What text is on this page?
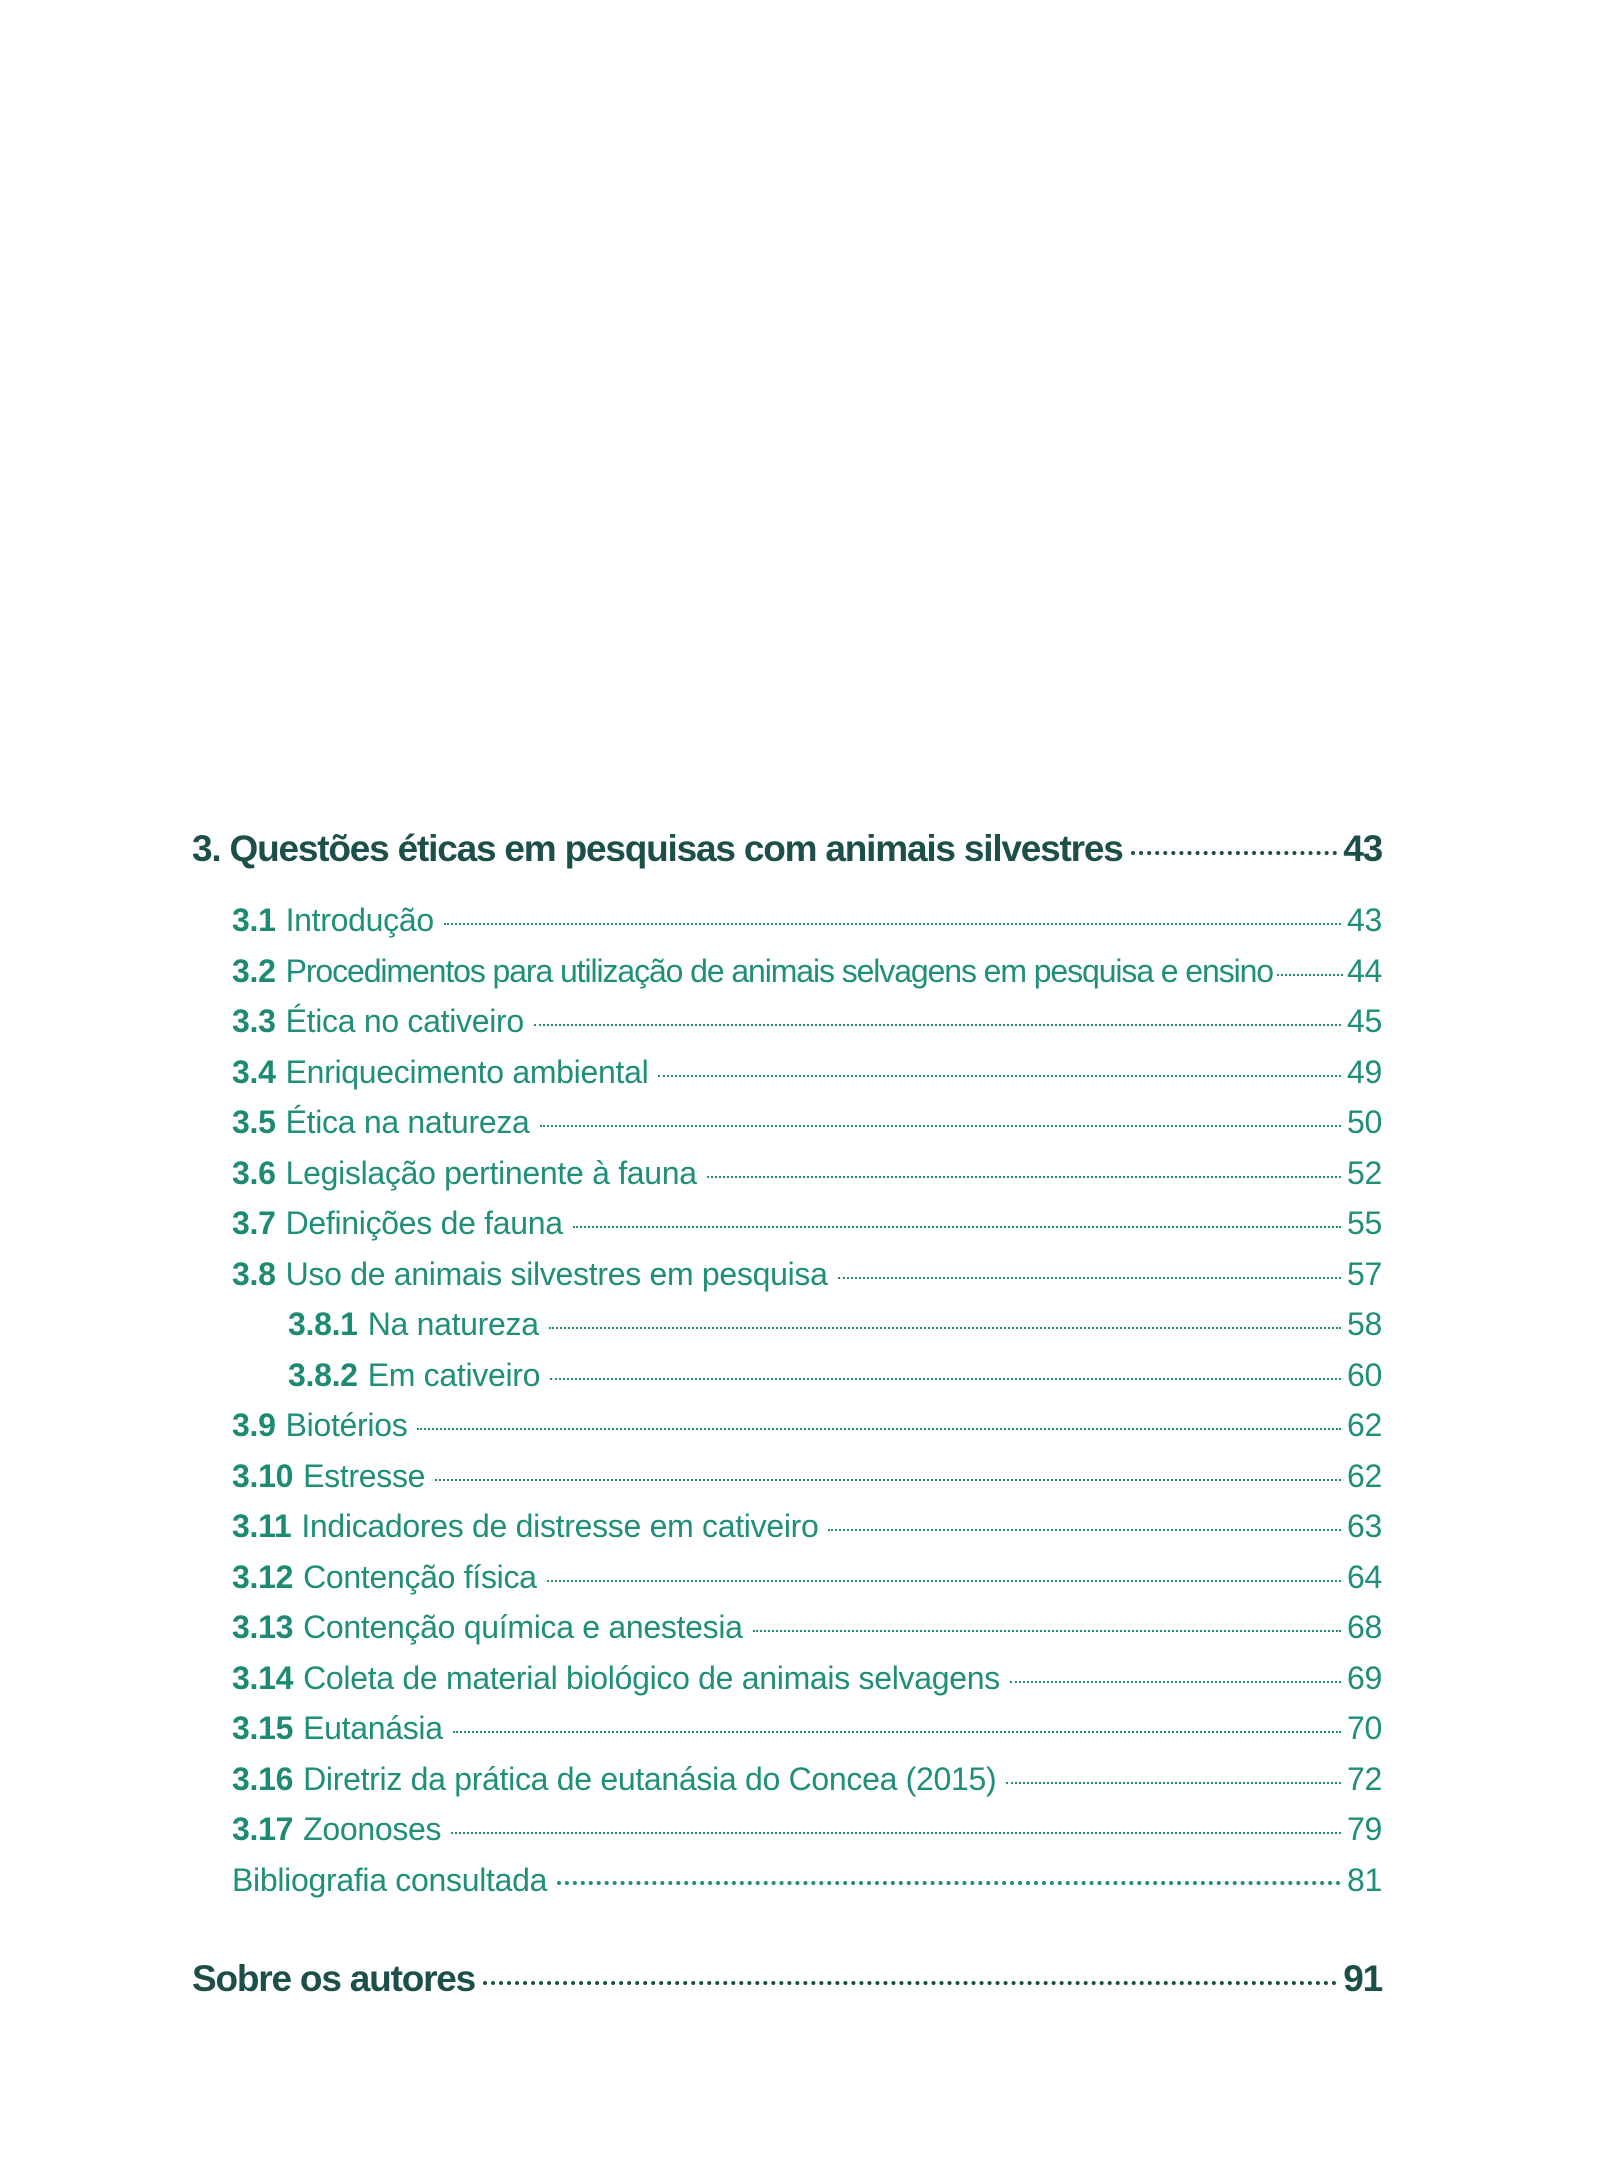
3. Questões éticas em pesquisas com animais silvestres	43
3.1 Introdução	43
3.2 Procedimentos para utilização de animais selvagens em pesquisa e ensino 44
3.3 Ética no cativeiro	45
3.4 Enriquecimento ambiental	49
3.5 Ética na natureza	50
3.6 Legislação pertinente à fauna	52
3.7 Definições de fauna	55
3.8 Uso de animais silvestres em pesquisa	57
3.8.1 Na natureza	58
3.8.2 Em cativeiro	60
3.9 Biotérios	62
3.10 Estresse	62
3.11 Indicadores de distresse em cativeiro	63
3.12 Contenção física	64
3.13 Contenção química e anestesia	68
3.14 Coleta de material biológico de animais selvagens	69
3.15 Eutanásia	70
3.16 Diretriz da prática de eutanásia do Concea (2015)	72
3.17 Zoonoses	79
Bibliografia consultada	81
Sobre os autores	91
